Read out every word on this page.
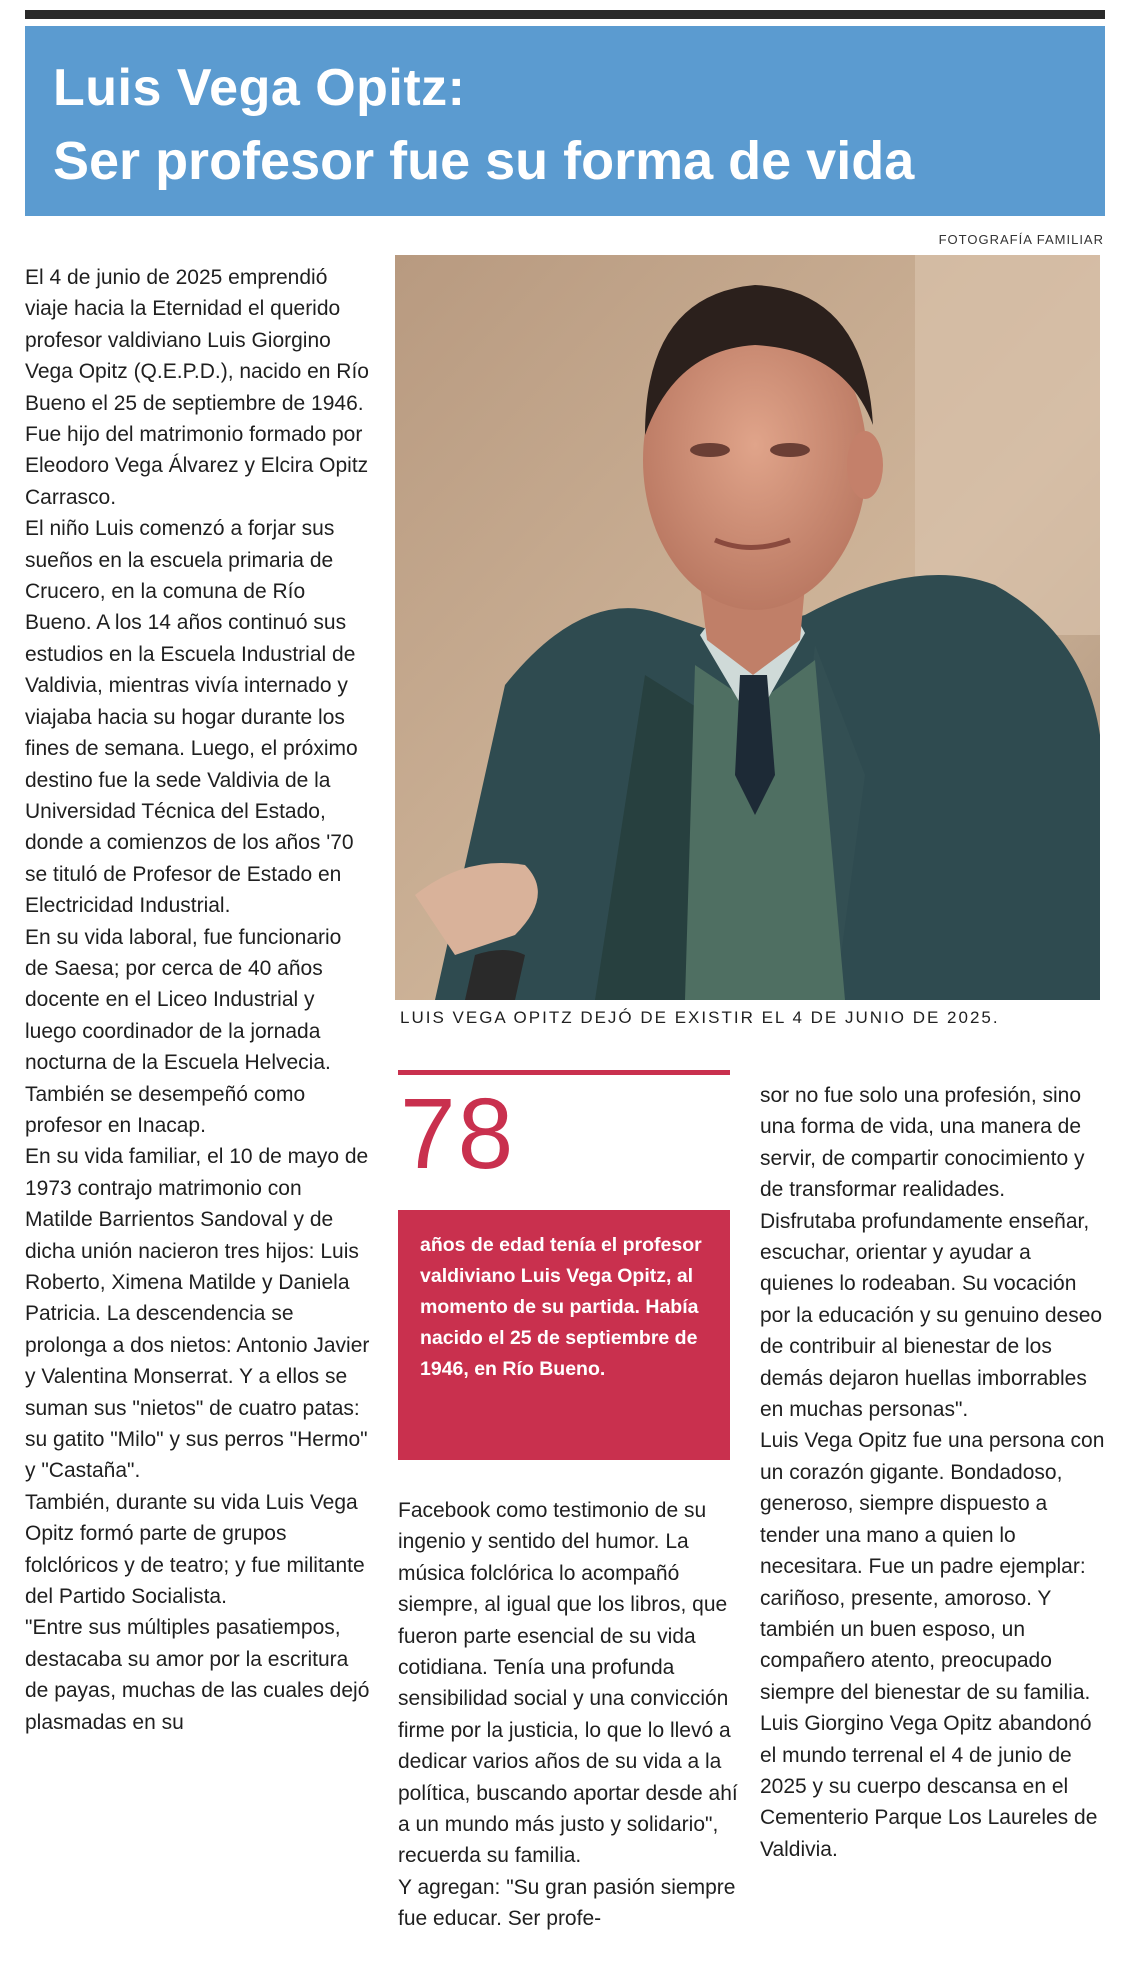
Luis Vega Opitz:
Ser profesor fue su forma de vida
FOTOGRAFÍA FAMILIAR
LUIS VEGA OPITZ DEJÓ DE EXISTIR EL 4 DE JUNIO DE 2025.

El 4 de junio de 2025 emprendió viaje hacia la Eternidad el querido profesor valdiviano Luis Giorgino Vega Opitz (Q.E.P.D.), nacido en Río Bueno el 25 de septiembre de 1946.

Fue hijo del matrimonio formado por Eleodoro Vega Álvarez y Elcira Opitz Carrasco.

El niño Luis comenzó a forjar sus sueños en la escuela primaria de Crucero, en la comuna de Río Bueno. A los 14 años continuó sus estudios en la Escuela Industrial de Valdivia, mientras vivía internado y viajaba hacia su hogar durante los fines de semana. Luego, el próximo destino fue la sede Valdivia de la Universidad Técnica del Estado, donde a comienzos de los años '70 se tituló de Profesor de Estado en Electricidad Industrial.

En su vida laboral, fue funcionario de Saesa; por cerca de 40 años docente en el Liceo Industrial y luego coordinador de la jornada nocturna de la Escuela Helvecia. También se desempeñó como profesor en Inacap.

En su vida familiar, el 10 de mayo de 1973 contrajo matrimonio con Matilde Barrientos Sandoval y de dicha unión nacieron tres hijos: Luis Roberto, Ximena Matilde y Daniela Patricia. La descendencia se prolonga a dos nietos: Antonio Javier y Valentina Monserrat. Y a ellos se suman sus "nietos" de cuatro patas: su gatito "Milo" y sus perros "Hermo" y "Castaña".

También, durante su vida Luis Vega Opitz formó parte de grupos folclóricos y de teatro; y fue militante del Partido Socialista.

"Entre sus múltiples pasatiempos, destacaba su amor por la escritura de payas, muchas de las cuales dejó plasmadas en su

78
años de edad tenía el profesor valdiviano Luis Vega Opitz, al momento de su partida. Había nacido el 25 de septiembre de 1946, en Río Bueno.

Facebook como testimonio de su ingenio y sentido del humor. La música folclórica lo acompañó siempre, al igual que los libros, que fueron parte esencial de su vida cotidiana. Tenía una profunda sensibilidad social y una convicción firme por la justicia, lo que lo llevó a dedicar varios años de su vida a la política, buscando aportar desde ahí a un mundo más justo y solidario", recuerda su familia.

Y agregan: "Su gran pasión siempre fue educar. Ser profe-

sor no fue solo una profesión, sino una forma de vida, una manera de servir, de compartir conocimiento y de transformar realidades. Disfrutaba profundamente enseñar, escuchar, orientar y ayudar a quienes lo rodeaban. Su vocación por la educación y su genuino deseo de contribuir al bienestar de los demás dejaron huellas imborrables en muchas personas".

Luis Vega Opitz fue una persona con un corazón gigante. Bondadoso, generoso, siempre dispuesto a tender una mano a quien lo necesitara. Fue un padre ejemplar: cariñoso, presente, amoroso. Y también un buen esposo, un compañero atento, preocupado siempre del bienestar de su familia.

Luis Giorgino Vega Opitz abandonó el mundo terrenal el 4 de junio de 2025 y su cuerpo descansa en el Cementerio Parque Los Laureles de Valdivia.
